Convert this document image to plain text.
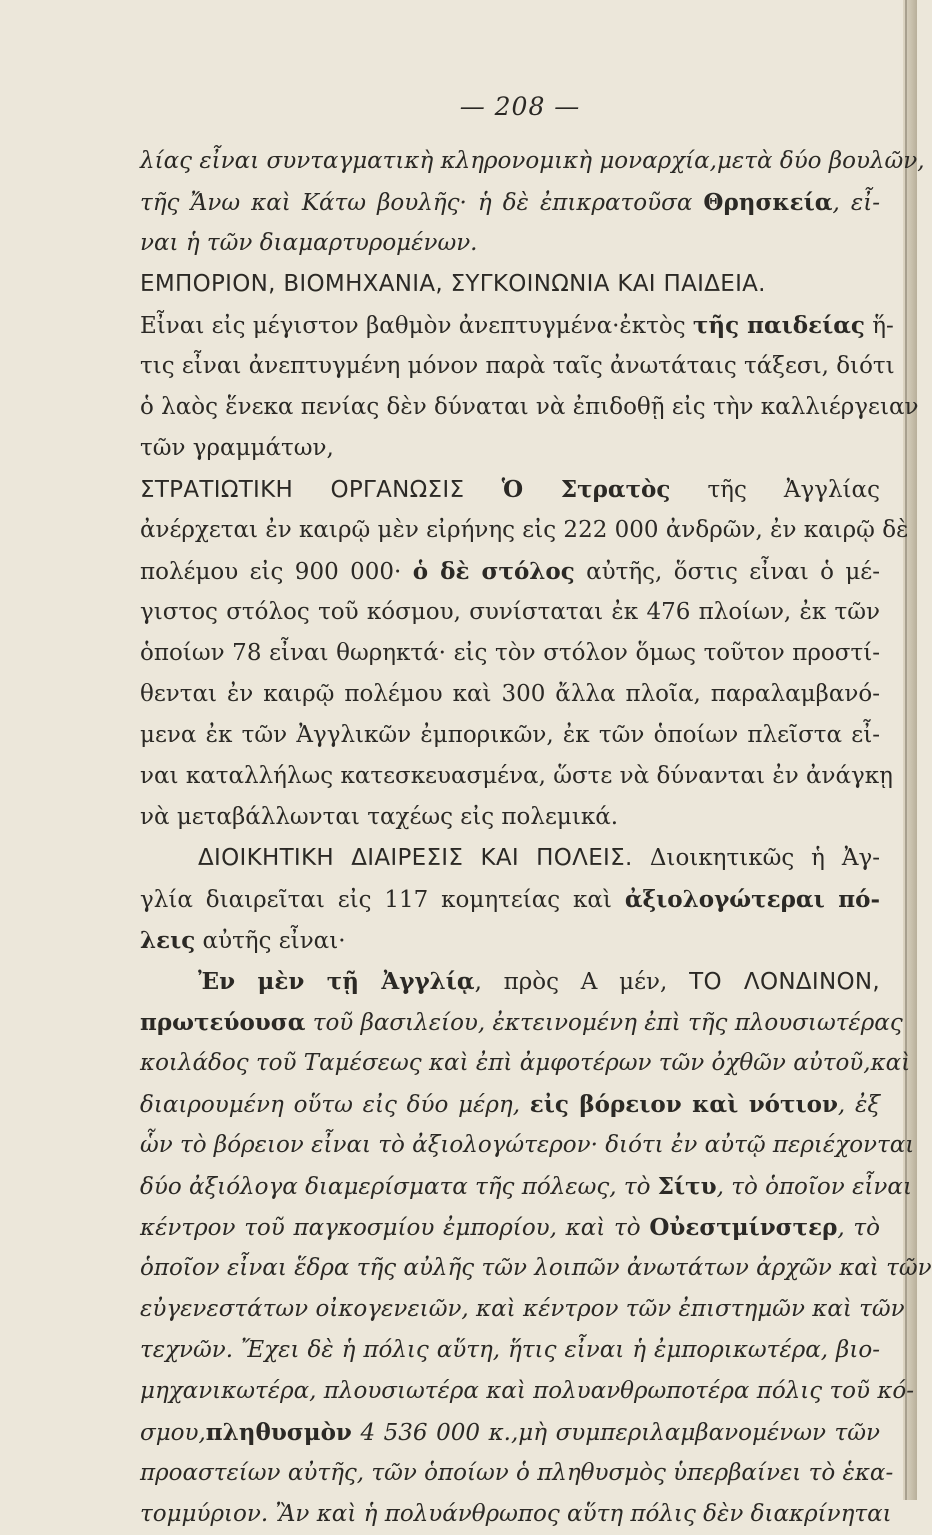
— 208 —
λίας εἶναι συνταγματικὴ κληρονομικὴ μοναρχία,μετὰ δύο βουλῶν,
τῆς Ἄνω καὶ Κάτω βουλῆς· ἡ δὲ ἐπικρατοῦσα Θρησκεία, εἶ-
ναι ἡ τῶν διαμαρτυρομένων.
ΕΜΠΟΡΙΟΝ, ΒΙΟΜΗΧΑΝΙΑ, ΣΥΓΚΟΙΝΩΝΙΑ ΚΑΙ ΠΑΙΔΕΙΑ.
Εἶναι εἰς μέγιστον βαθμὸν ἀνεπτυγμένα·ἐκτὸς τῆς παιδείας ἥ-
τις εἶναι ἀνεπτυγμένη μόνον παρὰ ταῖς ἀνωτάταις τάξεσι, διότι
ὁ λαὸς ἕνεκα πενίας δὲν δύναται νὰ ἐπιδοθῇ εἰς τὴν καλλιέργειαν
τῶν γραμμάτων,
ΣΤΡΑΤΙΩΤΙΚΗ ΟΡΓΑΝΩΣΙΣ Ὁ Στρατὸς τῆς Ἀγγλίας
ἀνέρχεται ἐν καιρῷ μὲν εἰρήνης εἰς 222 000 ἀνδρῶν, ἐν καιρῷ δὲ
πολέμου εἰς 900 000· ὁ δὲ στόλος αὐτῆς, ὅστις εἶναι ὁ μέ-
γιστος στόλος τοῦ κόσμου, συνίσταται ἐκ 476 πλοίων, ἐκ τῶν
ὁποίων 78 εἶναι θωρηκτά· εἰς τὸν στόλον ὅμως τοῦτον προστί-
θενται ἐν καιρῷ πολέμου καὶ 300 ἄλλα πλοῖα, παραλαμβανό-
μενα ἐκ τῶν Ἀγγλικῶν ἐμπορικῶν, ἐκ τῶν ὁποίων πλεῖστα εἶ-
ναι καταλλήλως κατεσκευασμένα, ὥστε νὰ δύνανται ἐν ἀνάγκῃ
νὰ μεταβάλλωνται ταχέως εἰς πολεμικά.
ΔΙΟΙΚΗΤΙΚΗ ΔΙΑΙΡΕΣΙΣ ΚΑΙ ΠΟΛΕΙΣ. Διοικητικῶς ἡ Ἀγ-
γλία διαιρεῖται εἰς 117 κομητείας καὶ ἀξιολογώτεραι πό-
λεις αὐτῆς εἶναι·
Ἐν μὲν τῇ Ἀγγλίᾳ, πρὸς Α μέν, ΤΟ ΛΟΝΔΙΝΟΝ,
πρωτεύουσα τοῦ βασιλείου, ἐκτεινομένη ἐπὶ τῆς πλουσιωτέρας
κοιλάδος τοῦ Ταμέσεως καὶ ἐπὶ ἀμφοτέρων τῶν ὀχθῶν αὐτοῦ,καὶ
διαιρουμένη οὕτω εἰς δύο μέρη, εἰς βόρειον καὶ νότιον, ἐξ
ὧν τὸ βόρειον εἶναι τὸ ἀξιολογώτερον· διότι ἐν αὐτῷ περιέχονται
δύο ἀξιόλογα διαμερίσματα τῆς πόλεως, τὸ Σίτυ, τὸ ὁποῖον εἶναι
κέντρον τοῦ παγκοσμίου ἐμπορίου, καὶ τὸ Οὐεστμίνστερ, τὸ
ὁποῖον εἶναι ἕδρα τῆς αὐλῆς τῶν λοιπῶν ἀνωτάτων ἀρχῶν καὶ τῶν
εὐγενεστάτων οἰκογενειῶν, καὶ κέντρον τῶν ἐπιστημῶν καὶ τῶν
τεχνῶν. Ἔχει δὲ ἡ πόλις αὕτη, ἥτις εἶναι ἡ ἐμπορικωτέρα, βιο-
μηχανικωτέρα, πλουσιωτέρα καὶ πολυανθρωποτέρα πόλις τοῦ κό-
σμου,πληθυσμὸν 4 536 000 κ.,μὴ συμπεριλαμβανομένων τῶν
προαστείων αὐτῆς, τῶν ὁποίων ὁ πληθυσμὸς ὑπερβαίνει τὸ ἑκα-
τομμύριον. Ἂν καὶ ἡ πολυάνθρωπος αὕτη πόλις δὲν διακρίνηται
